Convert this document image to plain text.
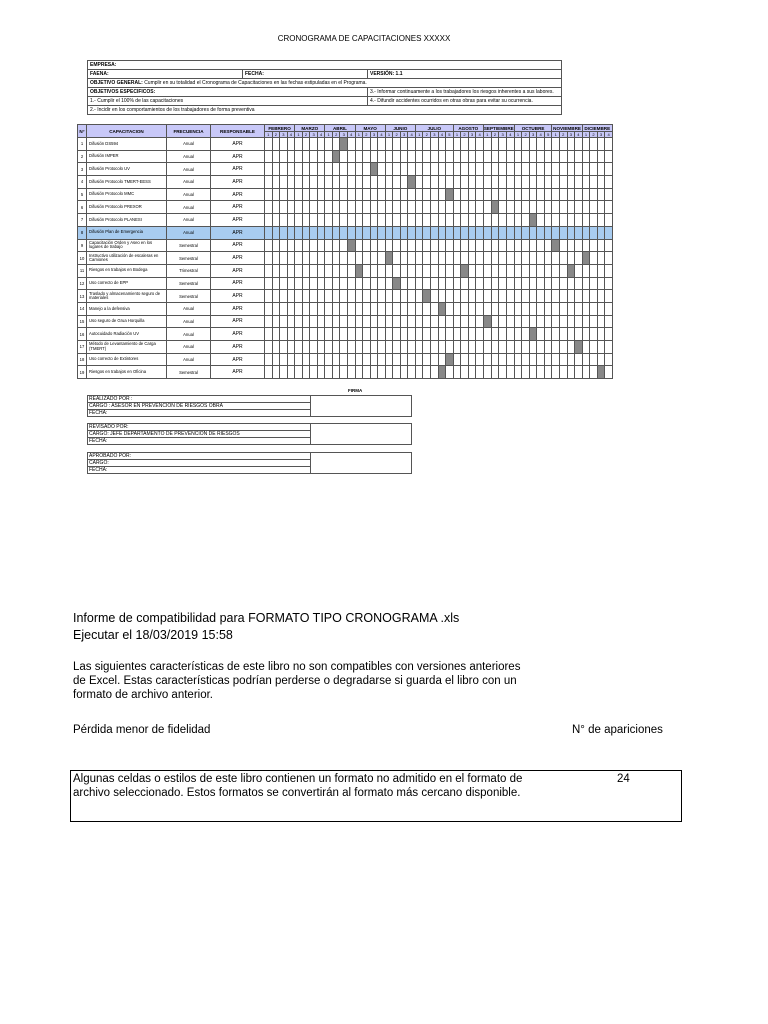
CRONOGRAMA DE CAPACITACIONES XXXXX
EMPRESA:		
FAENA:	FECHA:	VERSIÓN: 1.1
OBJETIVO GENERAL: Cumplir en su totalidad el Cronograma de Capacitaciones en las fechas estipuladas en el Programa.		
OBJETIVOS ESPECIFICOS:		3.- Informar continuamente a los trabajadores los riesgos inherentes a sus labores.
1.- Cumplir el 100% de las capacitaciones		4.- Difundir accidentes ocurridos en otras obras para evitar su ocurrencia.
2.- Incidir en los comportamientos de los trabajadores de forma preventiva		
N°	CAPACITACION	FRECUENCIA	RESPONSABLE	FEBRERO				MARZO				ABRIL				MAYO				JUNIO				JULIO					AGOSTO				SEPTIEMBRE				OCTUBRE					NOVIEMBRE				DICIEMBRE			
				1	2	3	4	1	2	3	4	1	2	3	4	1	2	3	4	1	2	3	4	1	2	3	4	5	1	2	3	4	1	2	3	4	1	2	3	4	5	1	2	3	4	1	2	3	4
1	Difusión DS594	Anual	APR																																														
2	Difusión IMPER	Anual	APR																																														
3	Difusión Protocolo UV	Anual	APR																																														
4	Difusión Protocolo TMERT-EESS	Anual	APR																																														
5	Difusión Protocolo MMC	Anual	APR																																														
6	Difusión Protocolo PREXOR	Anual	APR																																														
7	Difusión Protocolo PLANESI	Anual	APR																																														
8	Difusión Plan de Emergencia	Anual	APR																																														
9	Capacitación Orden y Aseo en los lugares de trabajo	Semestral	APR																																														
10	Instructivo utilización de escaleras en Camiones	Semestral	APR																																														
11	Riesgos en trabajos en Bodega	Trimestral	APR																																														
12	Uso correcto de EPP	Semestral	APR																																														
13	Traslado y almacenamiento seguro de materiales	Semestral	APR																																														
14	Manejo a la defensiva	Anual	APR																																														
15	Uso seguro de Grua Horquilla	Anual	APR																																														
16	Autocuidado Radiación UV	Anual	APR																																														
17	Método de Levantamiento de Carga (TMERT)	Anual	APR																																														
18	Uso correcto de Extintores	Anual	APR																																														
19	Riesgos en trabajos en Oficina	Semestral	APR																																														
FIRMA
REALIZADO POR :	
CARGO : ASESOR EN PREVENCION DE RIESGOS OBRA
FECHA:
REVISADO POR:	
CARGO: JEFE DEPARTAMENTO DE PREVENCION DE RIESGOS
FECHA:
APROBADO POR:	
CARGO:
FECHA:
Informe de compatibilidad para FORMATO TIPO CRONOGRAMA .xls
Ejecutar el 18/03/2019 15:58
Las siguientes características de este libro no son compatibles con versiones anteriores de Excel. Estas características podrían perderse o degradarse si guarda el libro con un formato de archivo anterior.
Pérdida menor de fidelidad	N° de apariciones
Algunas celdas o estilos de este libro contienen un formato no admitido en el formato de archivo seleccionado. Estos formatos se convertirán al formato más cercano disponible.
24
